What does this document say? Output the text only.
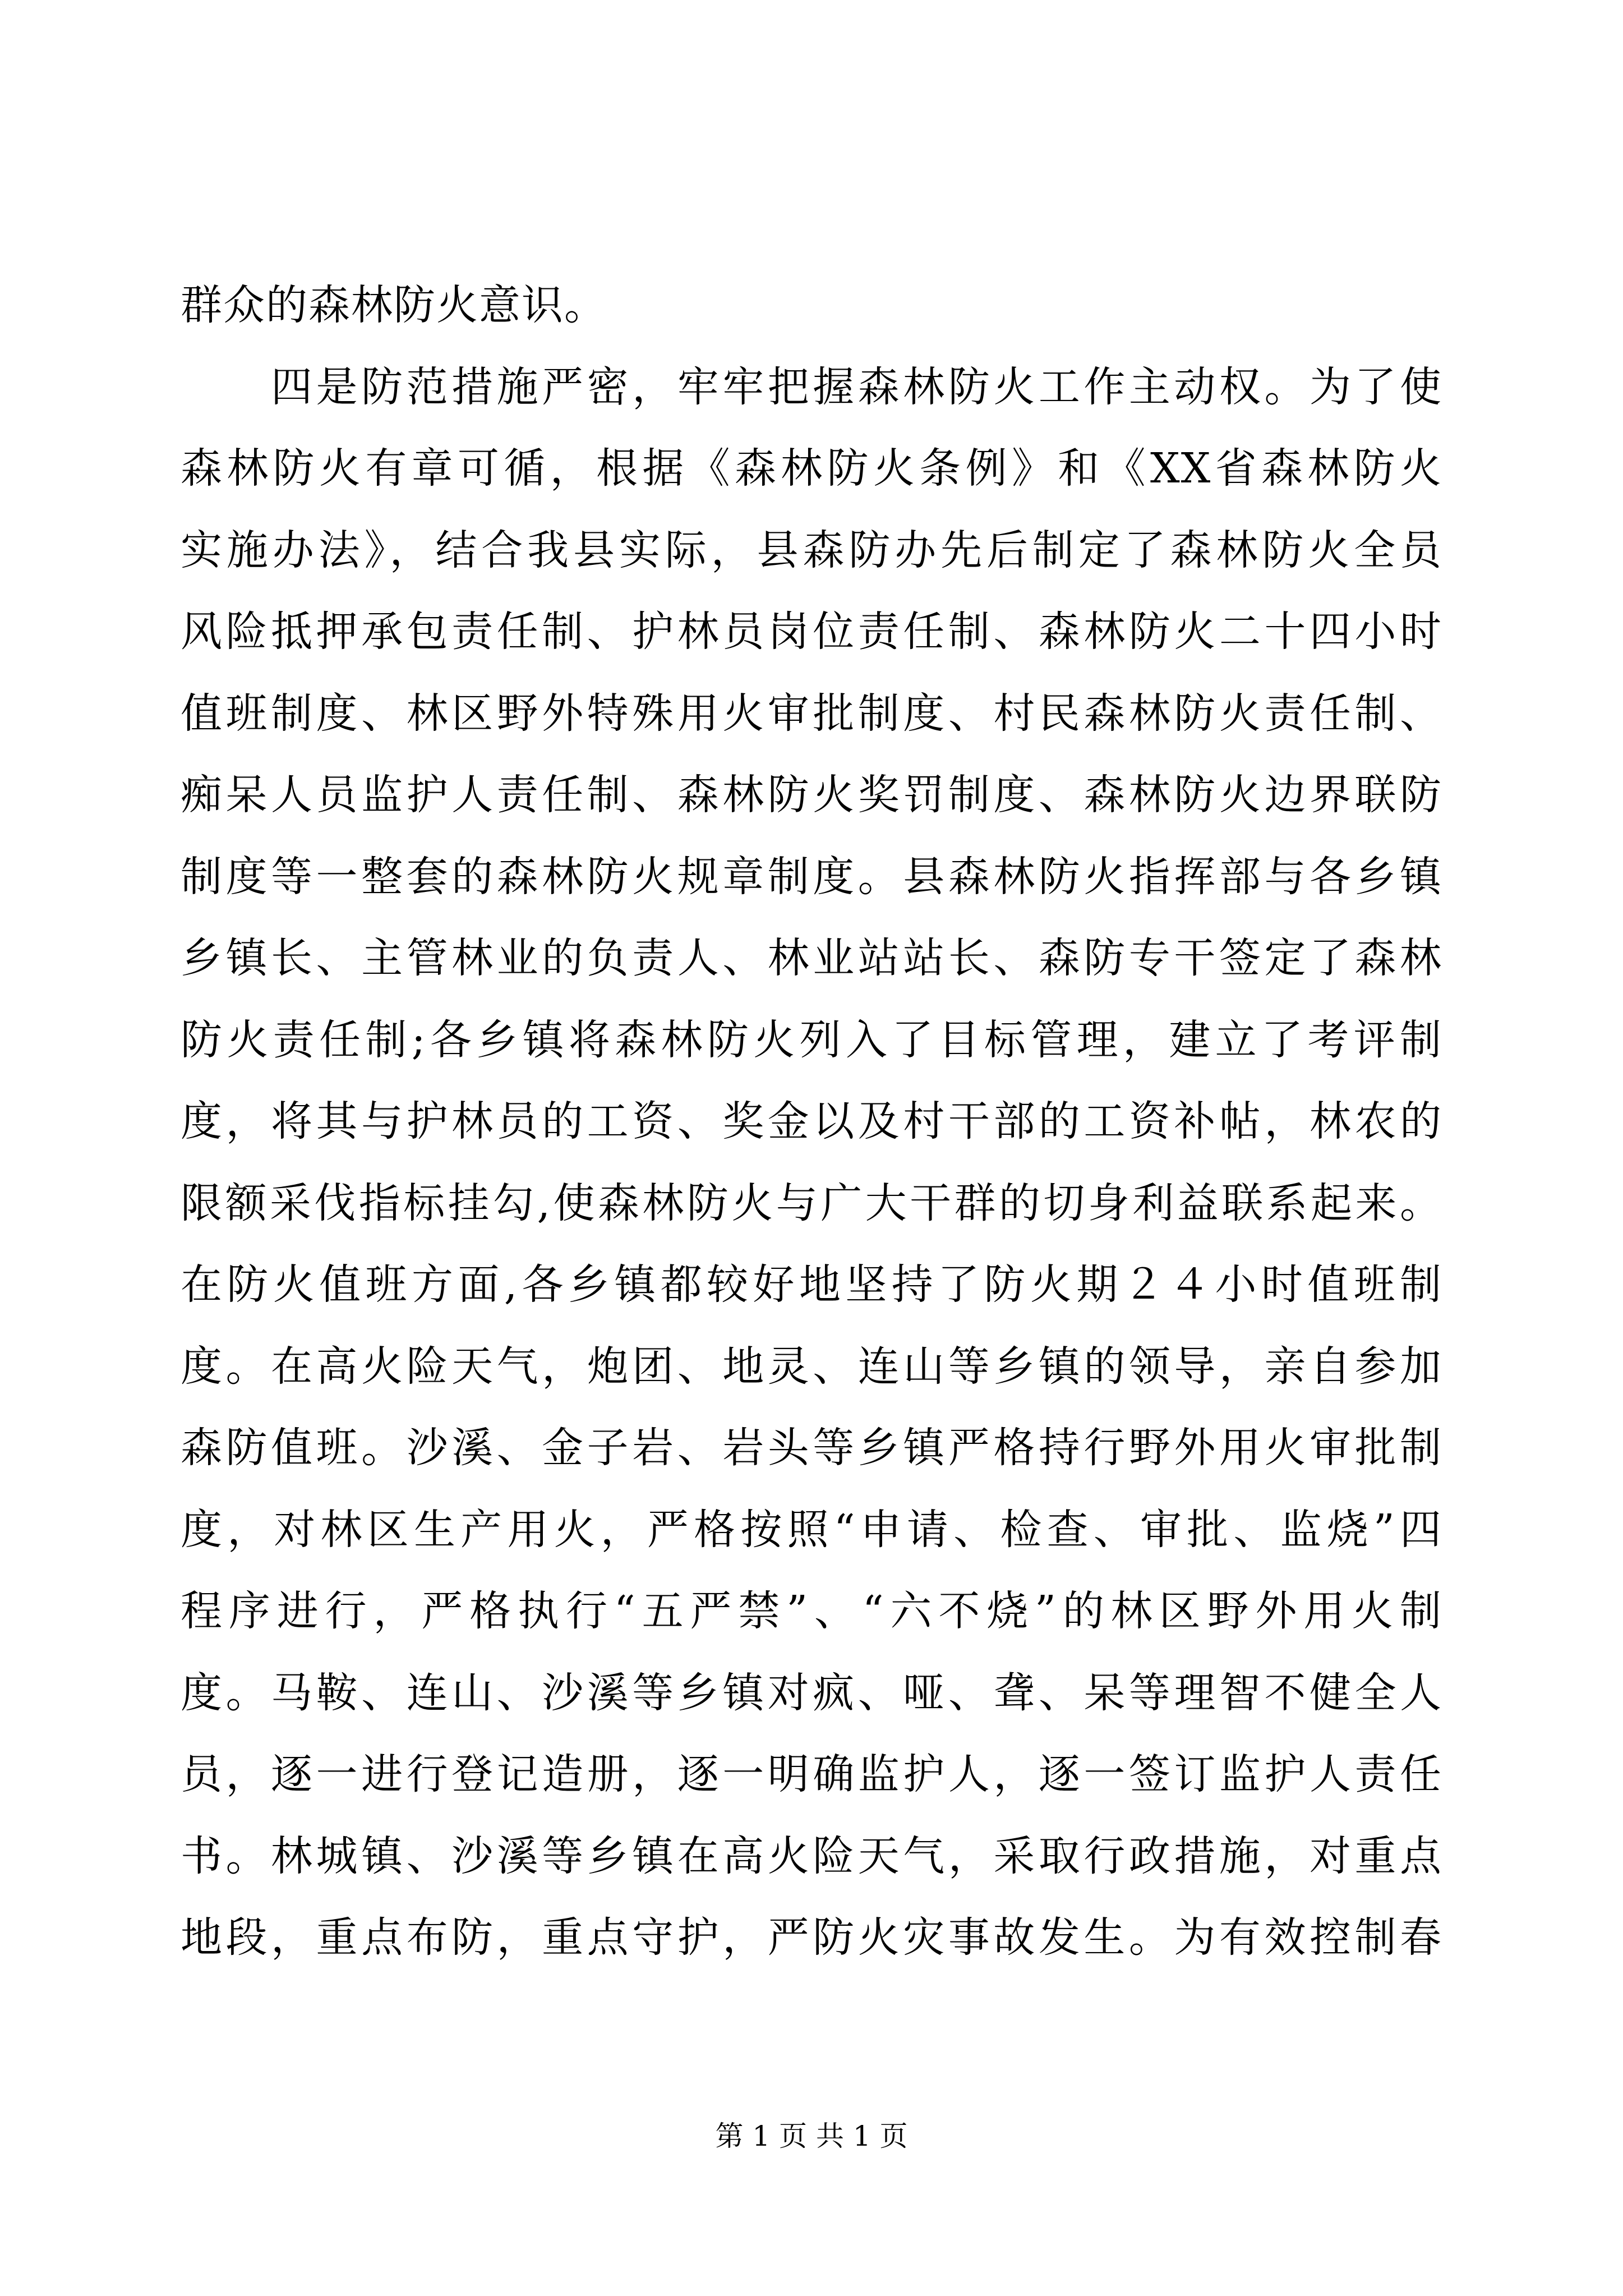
群众的森林防火意识。
　　四是防范措施严密，牢牢把握森林防火工作主动权。为了使
森林防火有章可循，根据《森林防火条例》和《XX省森林防火
实施办法》，结合我县实际，县森防办先后制定了森林防火全员
风险抵押承包责任制、护林员岗位责任制、森林防火二十四小时
值班制度、林区野外特殊用火审批制度、村民森林防火责任制、
痴呆人员监护人责任制、森林防火奖罚制度、森林防火边界联防
制度等一整套的森林防火规章制度。县森林防火指挥部与各乡镇
乡镇长、主管林业的负责人、林业站站长、森防专干签定了森林
防火责任制;各乡镇将森林防火列入了目标管理，建立了考评制
度，将其与护林员的工资、奖金以及村干部的工资补帖，林农的
限额采伐指标挂勾,使森林防火与广大干群的切身利益联系起来。
在防火值班方面,各乡镇都较好地坚持了防火期２４小时值班制
度。在高火险天气，炮团、地灵、连山等乡镇的领导，亲自参加
森防值班。沙溪、金子岩、岩头等乡镇严格持行野外用火审批制
度，对林区生产用火，严格按照“申请、检查、审批、监烧”四
程序进行，严格执行“五严禁”、“六不烧”的林区野外用火制
度。马鞍、连山、沙溪等乡镇对疯、哑、聋、呆等理智不健全人
员，逐一进行登记造册，逐一明确监护人，逐一签订监护人责任
书。林城镇、沙溪等乡镇在高火险天气，采取行政措施，对重点
地段，重点布防，重点守护，严防火灾事故发生。为有效控制春
第 1 页 共 1 页
